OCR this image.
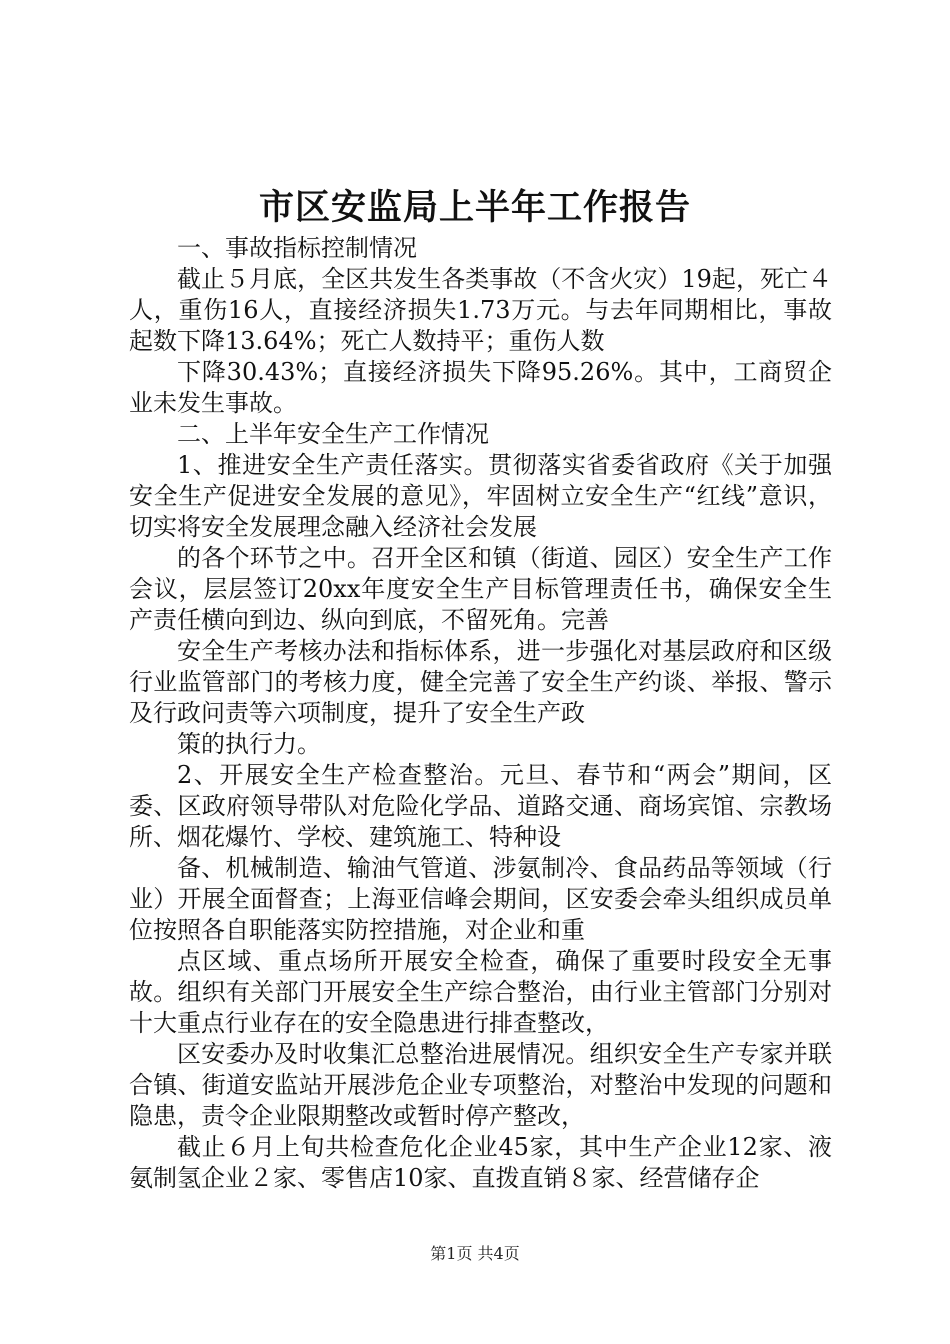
市区安监局上半年工作报告

一、事故指标控制情况

截止５月底，全区共发生各类事故（不含火灾）19起，死亡４人，重伤16人，直接经济损失1.73万元。与去年同期相比，事故起数下降13.64%；死亡人数持平；重伤人数

下降30.43%；直接经济损失下降95.26%。其中，工商贸企业未发生事故。

二、上半年安全生产工作情况

1、推进安全生产责任落实。贯彻落实省委省政府《关于加强安全生产促进安全发展的意见》，牢固树立安全生产“红线”意识，切实将安全发展理念融入经济社会发展

的各个环节之中。召开全区和镇（街道、园区）安全生产工作会议，层层签订20xx年度安全生产目标管理责任书，确保安全生产责任横向到边、纵向到底，不留死角。完善

安全生产考核办法和指标体系，进一步强化对基层政府和区级行业监管部门的考核力度，健全完善了安全生产约谈、举报、警示及行政问责等六项制度，提升了安全生产政

策的执行力。

2、开展安全生产检查整治。元旦、春节和“两会”期间，区委、区政府领导带队对危险化学品、道路交通、商场宾馆、宗教场所、烟花爆竹、学校、建筑施工、特种设

备、机械制造、输油气管道、涉氨制冷、食品药品等领域（行业）开展全面督查；上海亚信峰会期间，区安委会牵头组织成员单位按照各自职能落实防控措施，对企业和重

点区域、重点场所开展安全检查，确保了重要时段安全无事故。组织有关部门开展安全生产综合整治，由行业主管部门分别对十大重点行业存在的安全隐患进行排查整改，

区安委办及时收集汇总整治进展情况。组织安全生产专家并联合镇、街道安监站开展涉危企业专项整治，对整治中发现的问题和隐患，责令企业限期整改或暂时停产整改，

截止６月上旬共检查危化企业45家，其中生产企业12家、液氨制氢企业２家、零售店10家、直拨直销８家、经营储存企

第1页 共4页
